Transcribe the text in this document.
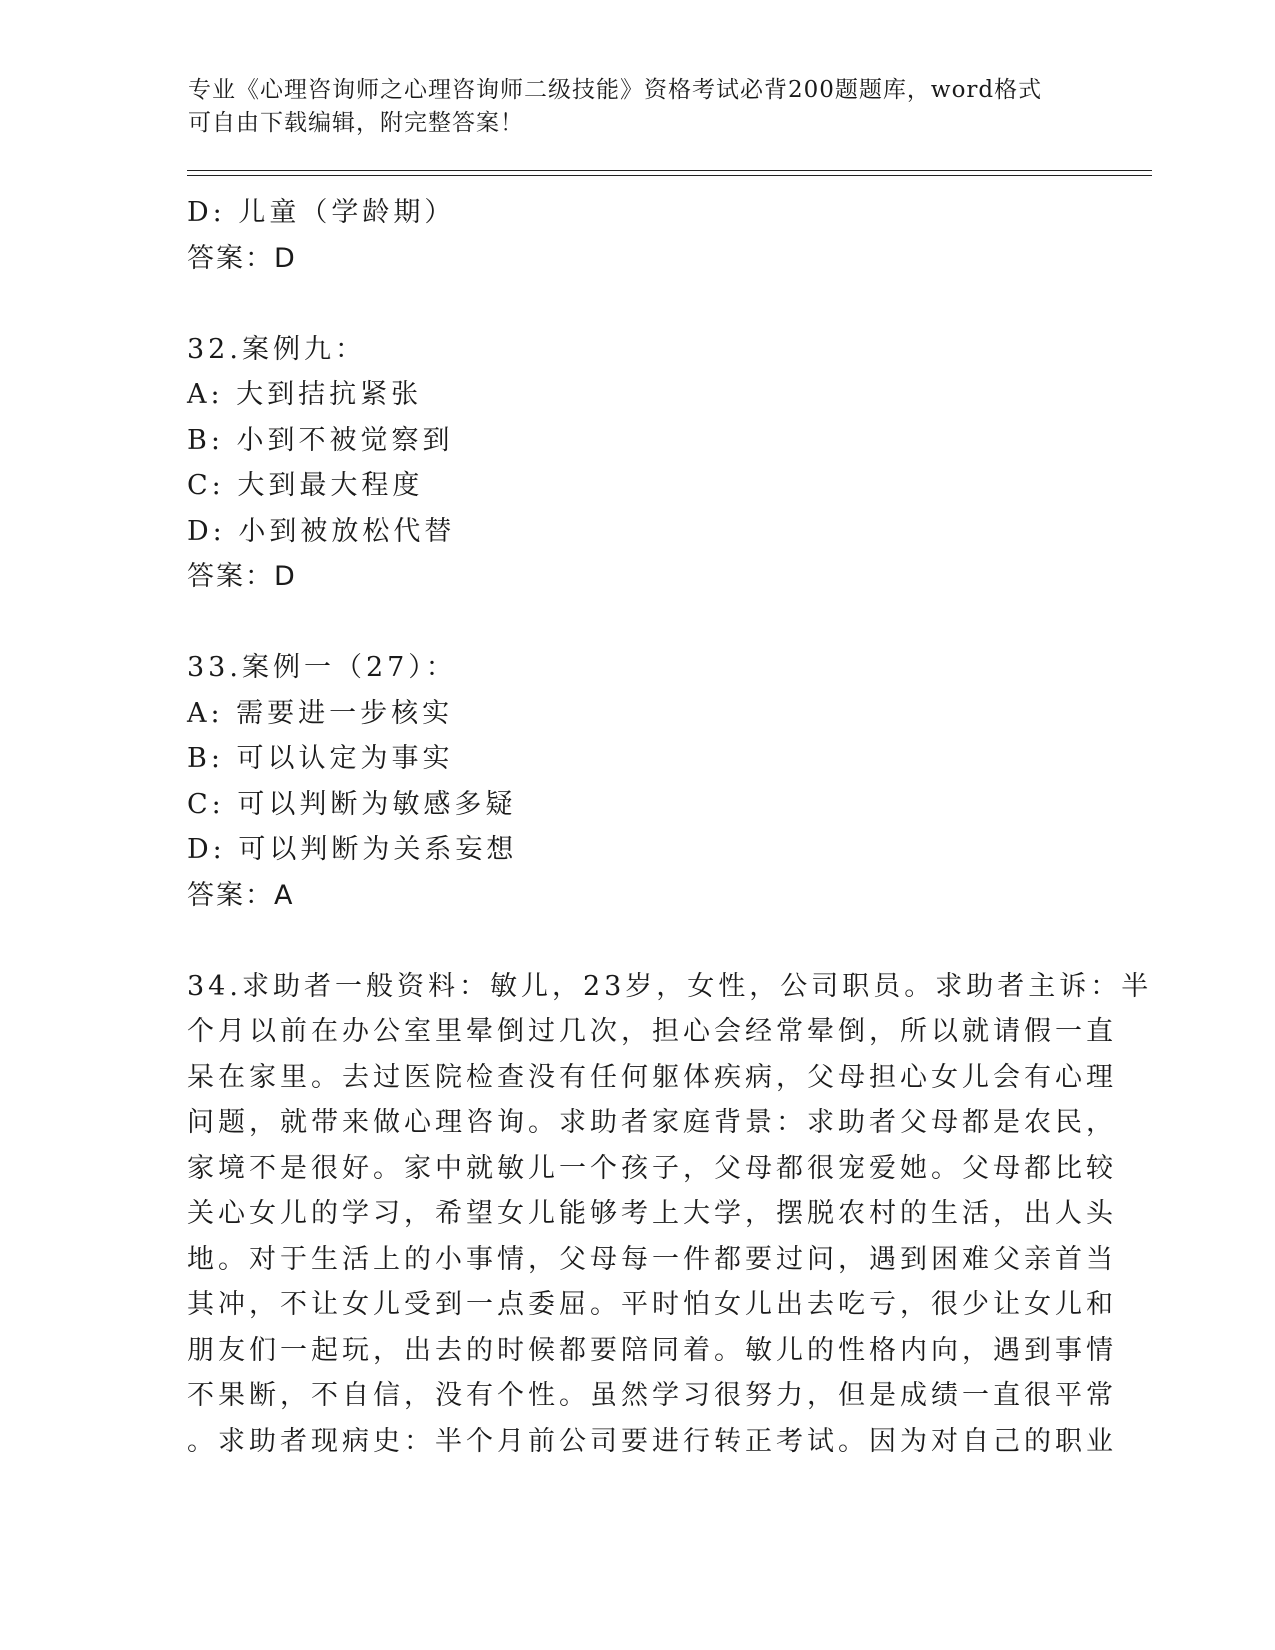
专业《心理咨询师之心理咨询师二级技能》资格考试必背200题题库，word格式
可自由下载编辑，附完整答案！
D: 儿童（学龄期）
答案：D
32.案例九：
A: 大到拮抗紧张
B: 小到不被觉察到
C: 大到最大程度
D: 小到被放松代替
答案：D
33.案例一（27）：
A: 需要进一步核实
B: 可以认定为事实
C: 可以判断为敏感多疑
D: 可以判断为关系妄想
答案：A
34.求助者一般资料：敏儿，23岁，女性，公司职员。求助者主诉：半
个月以前在办公室里晕倒过几次，担心会经常晕倒，所以就请假一直
呆在家里。去过医院检查没有任何躯体疾病，父母担心女儿会有心理
问题，就带来做心理咨询。求助者家庭背景：求助者父母都是农民，
家境不是很好。家中就敏儿一个孩子，父母都很宠爱她。父母都比较
关心女儿的学习，希望女儿能够考上大学，摆脱农村的生活，出人头
地。对于生活上的小事情，父母每一件都要过问，遇到困难父亲首当
其冲，不让女儿受到一点委屈。平时怕女儿出去吃亏，很少让女儿和
朋友们一起玩，出去的时候都要陪同着。敏儿的性格内向，遇到事情
不果断，不自信，没有个性。虽然学习很努力，但是成绩一直很平常
。求助者现病史：半个月前公司要进行转正考试。因为对自己的职业
